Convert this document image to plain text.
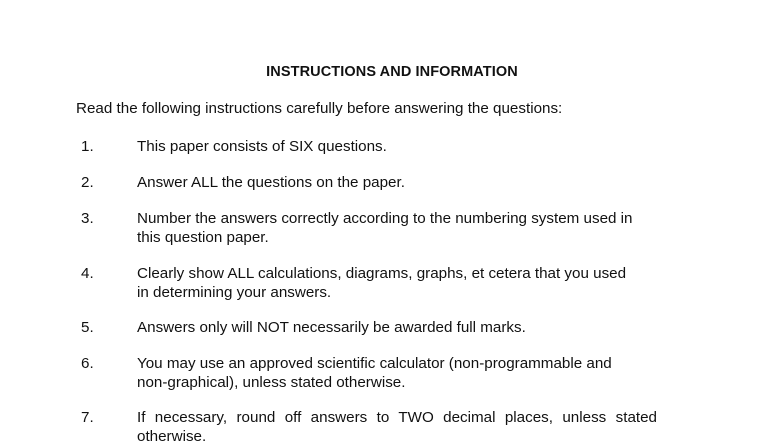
INSTRUCTIONS AND INFORMATION
Read the following instructions carefully before answering the questions:
1.	This paper consists of SIX questions.
2.	Answer ALL the questions on the paper.
3.	Number the answers correctly according to the numbering system used in
this question paper.
4.	Clearly show ALL calculations, diagrams, graphs, et cetera that you used
in determining your answers.
5.	Answers only will NOT necessarily be awarded full marks.
6.	You may use an approved scientific calculator (non-programmable and
non-graphical), unless stated otherwise.
7.	If necessary, round off answers to TWO decimal places, unless stated
otherwise.
